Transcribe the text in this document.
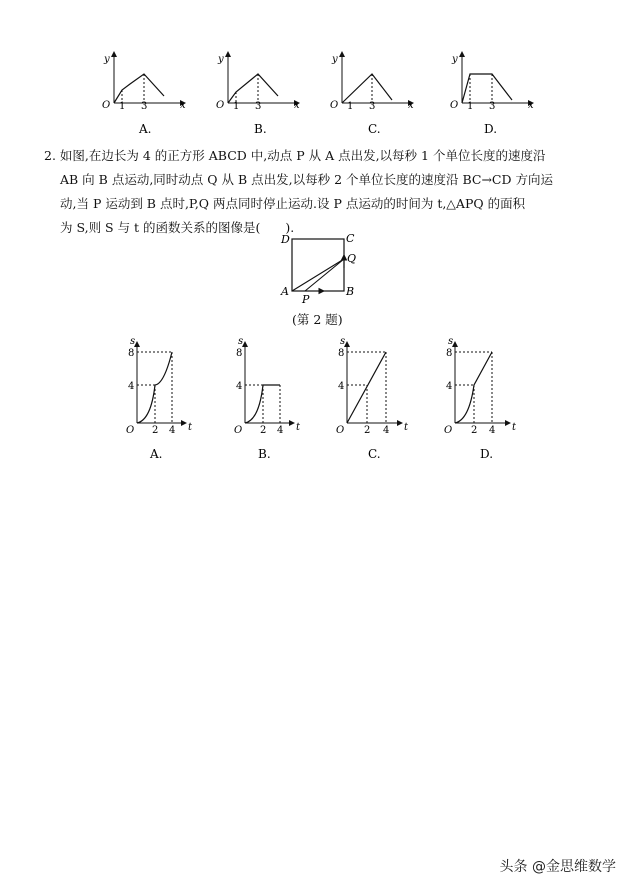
y
x
O 1 3
A.
y
x
O 1 3
B.
y
x
O 1 3
C.
y
x
O 1 3
D.

2. 如图,在边长为 4 的正方形 ABCD 中,动点 P 从 A 点出发,以每秒 1 个单位长度的速度沿

AB 向 B 点运动,同时动点 Q 从 B 点出发,以每秒 2 个单位长度的速度沿 BC→CD 方向运

动,当 P 运动到 B 点时,P,Q 两点同时停止运动.设 P 点运动的时间为 t,△APQ 的面积

为 S,则 S 与 t 的函数关系的图像是(　　).

D	C
Q
A	B
P
(第 2 题)
s
t
4
8
O 2 4
A.
s
t
4
8
O 2 4
B.
s
t
4
8
O 2 4
C.
s
t
4
8
O 2 4
D.
头条 @金思维数学
